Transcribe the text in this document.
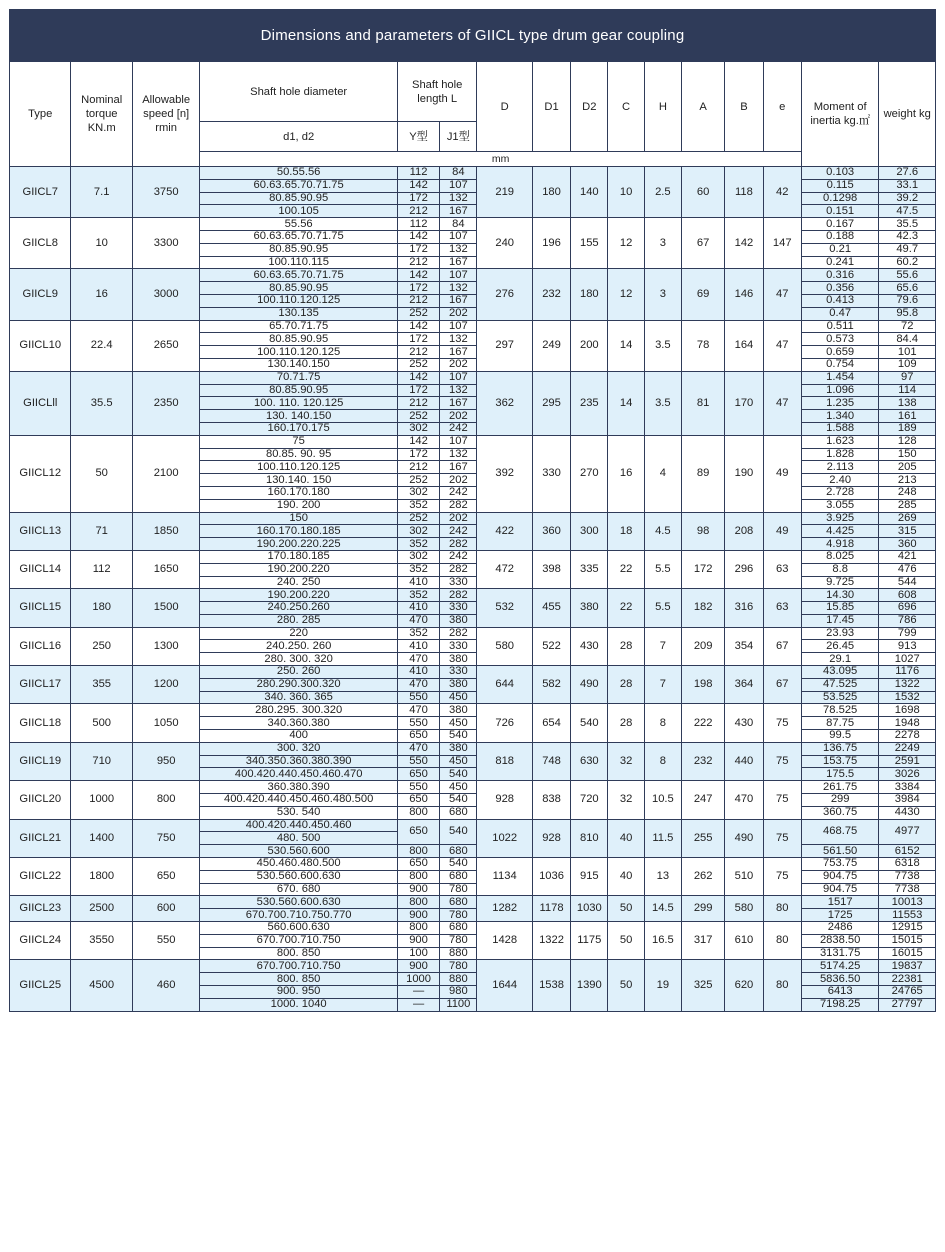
Dimensions and parameters of GIICL type drum gear coupling
Type	Nominal torque KN.m	Allowable speed [n] rmin	Shaft hole diameter	Shaft hole length L		D	D1	D2	C	H	A	B	e	Moment of inertia kg.㎡	weight kg
			d1, d2	Y型	J1型										
			mm												
GIICL7	7.1	3750	50.55.56	112	84	219	180	140	10	2.5	60	118	42	0.103	27.6
			60.63.65.70.71.75	142	107									0.115	33.1
			80.85.90.95	172	132									0.1298	39.2
			100.105	212	167									0.151	47.5
GIICL8	10	3300	55.56	112	84	240	196	155	12	3	67	142	147	0.167	35.5
			60.63.65.70.71.75	142	107									0.188	42.3
			80.85.90.95	172	132									0.21	49.7
			100.110.115	212	167									0.241	60.2
GIICL9	16	3000	60.63.65.70.71.75	142	107	276	232	180	12	3	69	146	47	0.316	55.6
			80.85.90.95	172	132									0.356	65.6
			100.110.120.125	212	167									0.413	79.6
			130.135	252	202									0.47	95.8
GIICL10	22.4	2650	65.70.71.75	142	107	297	249	200	14	3.5	78	164	47	0.511	72
			80.85.90.95	172	132									0.573	84.4
			100.110.120.125	212	167									0.659	101
			130.140.150	252	202									0.754	109
GIICLll	35.5	2350	70.71.75	142	107	362	295	235	14	3.5	81	170	47	1.454	97
			80.85.90.95	172	132									1.096	114
			100. 110. 120.125	212	167									1.235	138
			130. 140.150	252	202									1.340	161
			160.170.175	302	242									1.588	189
GIICL12	50	2100	75	142	107	392	330	270	16	4	89	190	49	1.623	128
			80.85. 90. 95	172	132									1.828	150
			100.110.120.125	212	167									2.113	205
			130.140. 150	252	202									2.40	213
			160.170.180	302	242									2.728	248
			190. 200	352	282									3.055	285
GIICL13	71	1850	150	252	202	422	360	300	18	4.5	98	208	49	3.925	269
			160.170.180.185	302	242									4.425	315
			190.200.220.225	352	282									4.918	360
GIICL14	112	1650	170.180.185	302	242	472	398	335	22	5.5	172	296	63	8.025	421
			190.200.220	352	282									8.8	476
			240. 250	410	330									9.725	544
GIICL15	180	1500	190.200.220	352	282	532	455	380	22	5.5	182	316	63	14.30	608
			240.250.260	410	330									15.85	696
			280. 285	470	380									17.45	786
GIICL16	250	1300	220	352	282	580	522	430	28	7	209	354	67	23.93	799
			240.250. 260	410	330									26.45	913
			280. 300. 320	470	380									29.1	1027
GIICL17	355	1200	250. 260	410	330	644	582	490	28	7	198	364	67	43.095	1176
			280.290.300.320	470	380									47.525	1322
			340. 360. 365	550	450									53.525	1532
GIICL18	500	1050	280.295. 300.320	470	380	726	654	540	28	8	222	430	75	78.525	1698
			340.360.380	550	450									87.75	1948
			400	650	540									99.5	2278
GIICL19	710	950	300. 320	470	380	818	748	630	32	8	232	440	75	136.75	2249
			340.350.360.380.390	550	450									153.75	2591
			400.420.440.450.460.470	650	540									175.5	3026
GIICL20	1000	800	360.380.390	550	450	928	838	720	32	10.5	247	470	75	261.75	3384
			400.420.440.450.460.480.500	650	540									299	3984
			530. 540	800	680									360.75	4430
GIICL21	1400	750	400.420.440.450.460	650	540	1022	928	810	40	11.5	255	490	75	468.75	4977
			480. 500												
			530.560.600	800	680									561.50	6152
GIICL22	1800	650	450.460.480.500	650	540	1134	1036	915	40	13	262	510	75	753.75	6318
			530.560.600.630	800	680									904.75	7738
			670. 680	900	780									904.75	7738
GIICL23	2500	600	530.560.600.630	800	680	1282	1178	1030	50	14.5	299	580	80	1517	10013
			670.700.710.750.770	900	780									1725	11553
GIICL24	3550	550	560.600.630	800	680	1428	1322	1175	50	16.5	317	610	80	2486	12915
			670.700.710.750	900	780									2838.50	15015
			800. 850	100	880									3131.75	16015
GIICL25	4500	460	670.700.710.750	900	780	1644	1538	1390	50	19	325	620	80	5174.25	19837
			800. 850	1000	880									5836.50	22381
			900. 950	—	980									6413	24765
			1000. 1040	—	1100									7198.25	27797
